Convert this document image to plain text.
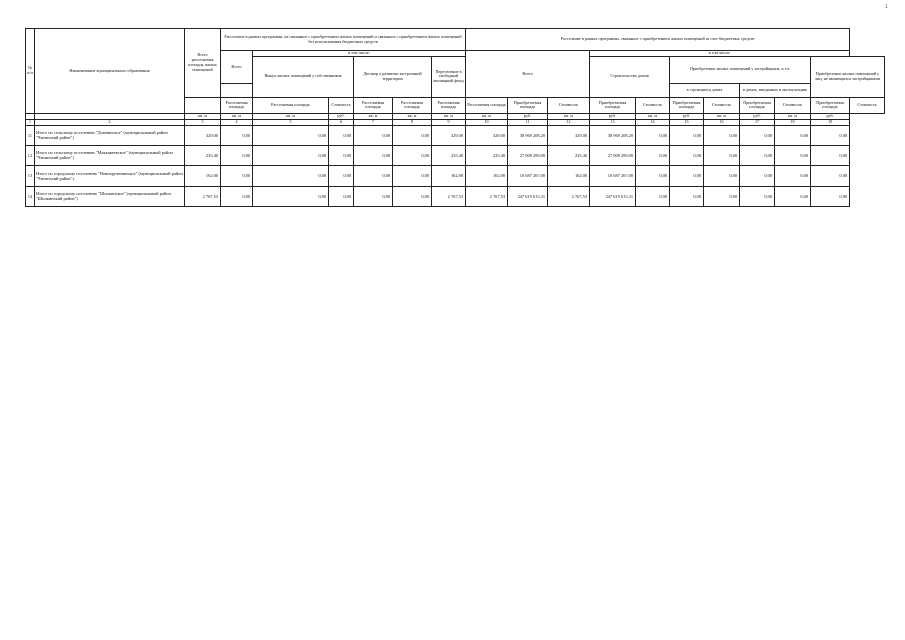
1
№ п/п	Наименование муниципального образования	Всего расселяемая площадь жилых помещений	Расселение в рамках программы, не связанное с приобретением жилых помещений и связанное с приобретением жилых помещений без использования бюджетных средств						Расселение в рамках программы, связанное с приобретением жилых помещений за счет бюджетных средств										
			Всего	в том числе:					Всего			в том числе:							
				Выкуп жилых помещений у собственников		Договор о развитии застроенной территории		Переселение в свободный жилищный фонд				Строительство домов		Приобретение жилых помещений у застройщиков, в т.ч.				Приобретение жилых помещений у лиц, не являющихся застройщиками	
														в строящихся домах		в домах, введенных в эксплуатацию			
			Расселяемая площадь	Расселяемая площадь	Стоимость	Расселяемая площадь	Расселяемая площадь	Расселяемая площадь	Расселяемая площадь	Приобретаемая площадь	Стоимость	Приобретаемая площадь	Стоимость	Приобретаемая площадь	Стоимость	Приобретаемая площадь	Стоимость	Приобретаемая площадь	Стоимость
		кв. м	кв. м	кв. м	руб.	кв. м	кв. м	кв. м	кв. м	руб.	кв. м	руб.	кв. м	руб.	кв. м	руб.	кв. м	руб.	
1	2	3	4	5	6	7	8	9	10	11	12	13	14	15	16	17	18	19	
11	Итого по сельскому поселению "Домнинское" (муниципальный район "Читинский район")	329,00	0,00	0,00	0,00	0,00	0,00	329,00	329,00	38 969 208,20	329,00	38 969 208,20	0,00	0,00	0,00	0,00	0,00	0,00	
12	Итого по сельскому поселению "Маккавеевское" (муниципальный район "Читинский район")	235,40	0,00	0,00	0,00	0,00	0,00	235,40	235,40	27 008 299,00	235,40	27 008 299,00	0,00	0,00	0,00	0,00	0,00	0,00	
13	Итого по городскому поселению "Новокручининское" (муниципальный район "Читинский район")	162,00	0,00	0,00	0,00	0,00	0,00	162,00	162,00	10 687 267,00	162,00	10 687 267,00	0,00	0,00	0,00	0,00	0,00	0,00	
14	Итого по городскому поселению "Шилкинское" (муниципальный район "Шилкинский район")	2 767,53	0,00	0,00	0,00	0,00	0,00	2 767,53	2 767,53	247 619 615,31	2 767,53	247 619 615,31	0,00	0,00	0,00	0,00	0,00	0,00	
